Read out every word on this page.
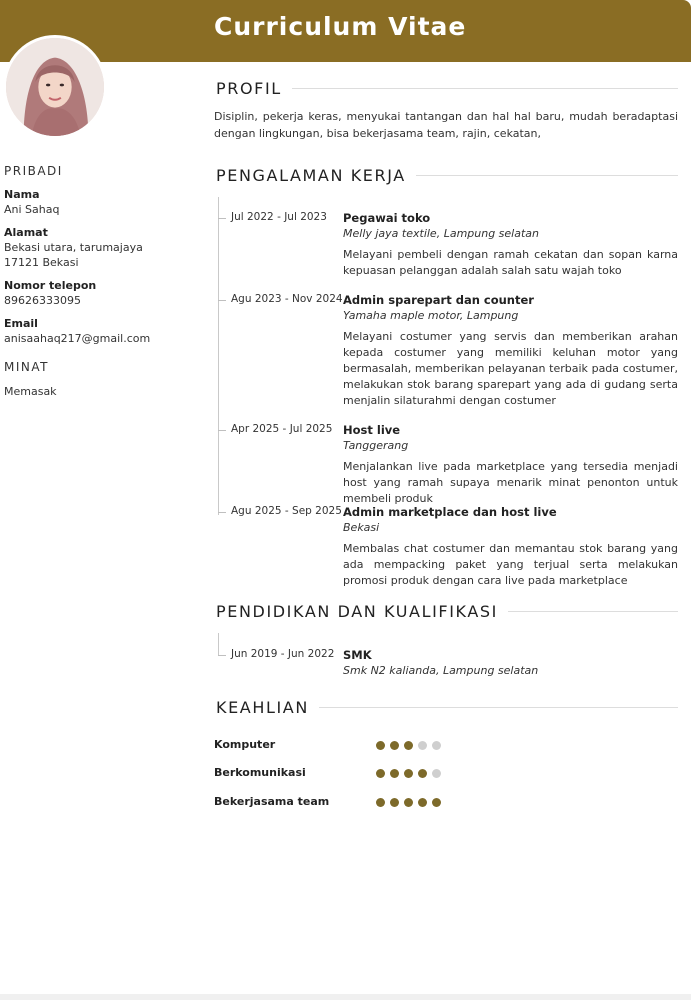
Curriculum Vitae
PRIBADI
Nama
Ani Sahaq
Alamat
Bekasi utara, tarumajaya
17121 Bekasi
Nomor telepon
89626333095
Email
anisaahaq217@gmail.com
MINAT
Memasak
PROFIL
Disiplin, pekerja keras, menyukai tantangan dan hal hal baru, mudah beradaptasi dengan lingkungan, bisa bekerjasama team, rajin, cekatan,
PENGALAMAN KERJA
Jul 2022 - Jul 2023 Pegawai toko
Melly jaya textile, Lampung selatan
Melayani pembeli dengan ramah cekatan dan sopan karna kepuasan pelanggan adalah salah satu wajah toko
Agu 2023 - Nov 2024 Admin sparepart dan counter
Yamaha maple motor, Lampung
Melayani costumer yang servis dan memberikan arahan kepada costumer yang memiliki keluhan motor yang bermasalah, memberikan pelayanan terbaik pada costumer, melakukan stok barang sparepart yang ada di gudang serta menjalin silaturahmi dengan costumer
Apr 2025 - Jul 2025 Host live
Tanggerang
Menjalankan live pada marketplace yang tersedia menjadi host yang ramah supaya menarik minat penonton untuk membeli produk
Agu 2025 - Sep 2025 Admin marketplace dan host live
Bekasi
Membalas chat costumer dan memantau stok barang yang ada mempacking paket yang terjual serta melakukan promosi produk dengan cara live pada marketplace
PENDIDIKAN DAN KUALIFIKASI
Jun 2019 - Jun 2022 SMK
Smk N2 kalianda, Lampung selatan
KEAHLIAN
Komputer
Berkomunikasi
Bekerjasama team
